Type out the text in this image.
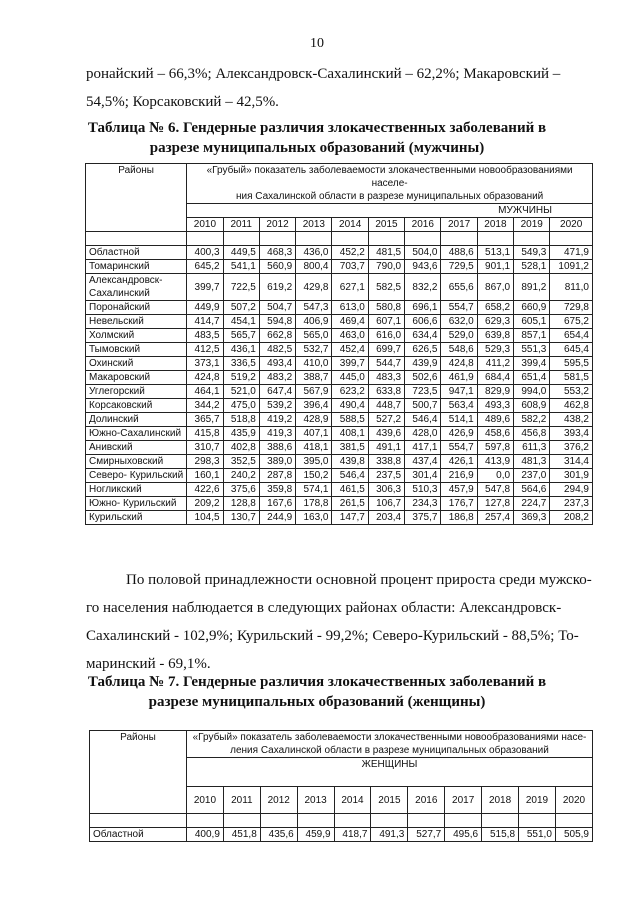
10
ронайский – 66,3%; Александровск-Сахалинский – 62,2%; Макаровский –
54,5%; Корсаковский – 42,5%.
Таблица № 6. Гендерные различия злокачественных заболеваний в
разрезе муниципальных образований (мужчины)
Районы	«Грубый» показатель заболеваемости злокачественными новообразованиями населе-
ния Сахалинской области в разрезе муниципальных образований										
	МУЖЧИНЫ										
	2010	2011	2012	2013	2014	2015	2016	2017	2018	2019	2020

Областной	400,3	449,5	468,3	436,0	452,2	481,5	504,0	488,6	513,1	549,3	471,9
Томаринский	645,2	541,1	560,9	800,4	703,7	790,0	943,6	729,5	901,1	528,1	1091,2
Александровск-Сахалинский	399,7	722,5	619,2	429,8	627,1	582,5	832,2	655,6	867,0	891,2	811,0
Поронайский	449,9	507,2	504,7	547,3	613,0	580,8	696,1	554,7	658,2	660,9	729,8
Невельский	414,7	454,1	594,8	406,9	469,4	607,1	606,6	632,0	629,3	605,1	675,2
Холмский	483,5	565,7	662,8	565,0	463,0	616,0	634,4	529,0	639,8	857,1	654,4
Тымовский	412,5	436,1	482,5	532,7	452,4	699,7	626,5	548,6	529,3	551,3	645,4
Охинский	373,1	336,5	493,4	410,0	399,7	544,7	439,9	424,8	411,2	399,4	595,5
Макаровский	424,8	519,2	483,2	388,7	445,0	483,3	502,6	461,9	684,4	651,4	581,5
Углегорский	464,1	521,0	647,4	567,9	623,2	633,8	723,5	947,1	829,9	994,0	553,2
Корсаковский	344,2	475,0	539,2	396,4	490,4	448,7	500,7	563,4	493,3	608,9	462,8
Долинский	365,7	518,8	419,2	428,9	588,5	527,2	546,4	514,1	489,6	582,2	438,2
Южно-Сахалинский	415,8	435,9	419,3	407,1	408,1	439,6	428,0	426,9	458,6	456,8	393,4
Анивский	310,7	402,8	388,6	418,1	381,5	491,1	417,1	554,7	597,8	611,3	376,2
Смирныховский	298,3	352,5	389,0	395,0	439,8	338,8	437,4	426,1	413,9	481,3	314,4
Северо- Курильский	160,1	240,2	287,8	150,2	546,4	237,5	301,4	216,9	0,0	237,0	301,9
Ногликский	422,6	375,6	359,8	574,1	461,5	306,3	510,3	457,9	547,8	564,6	294,9
Южно- Курильский	209,2	128,8	167,6	178,8	261,5	106,7	234,3	176,7	127,8	224,7	237,3
Курильский	104,5	130,7	244,9	163,0	147,7	203,4	375,7	186,8	257,4	369,3	208,2
По половой принадлежности основной процент прироста среди мужско-
го населения наблюдается в следующих районах области: Александровск-
Сахалинский - 102,9%; Курильский - 99,2%; Северо-Курильский - 88,5%; То-
маринский - 69,1%.
Таблица № 7. Гендерные различия злокачественных заболеваний в
разрезе муниципальных образований (женщины)
Районы	«Грубый» показатель заболеваемости злокачественными новообразованиями насе-
ления Сахалинской области в разрезе муниципальных образований										
	ЖЕНЩИНЫ										
	2010	2011	2012	2013	2014	2015	2016	2017	2018	2019	2020

Областной	400,9	451,8	435,6	459,9	418,7	491,3	527,7	495,6	515,8	551,0	505,9
